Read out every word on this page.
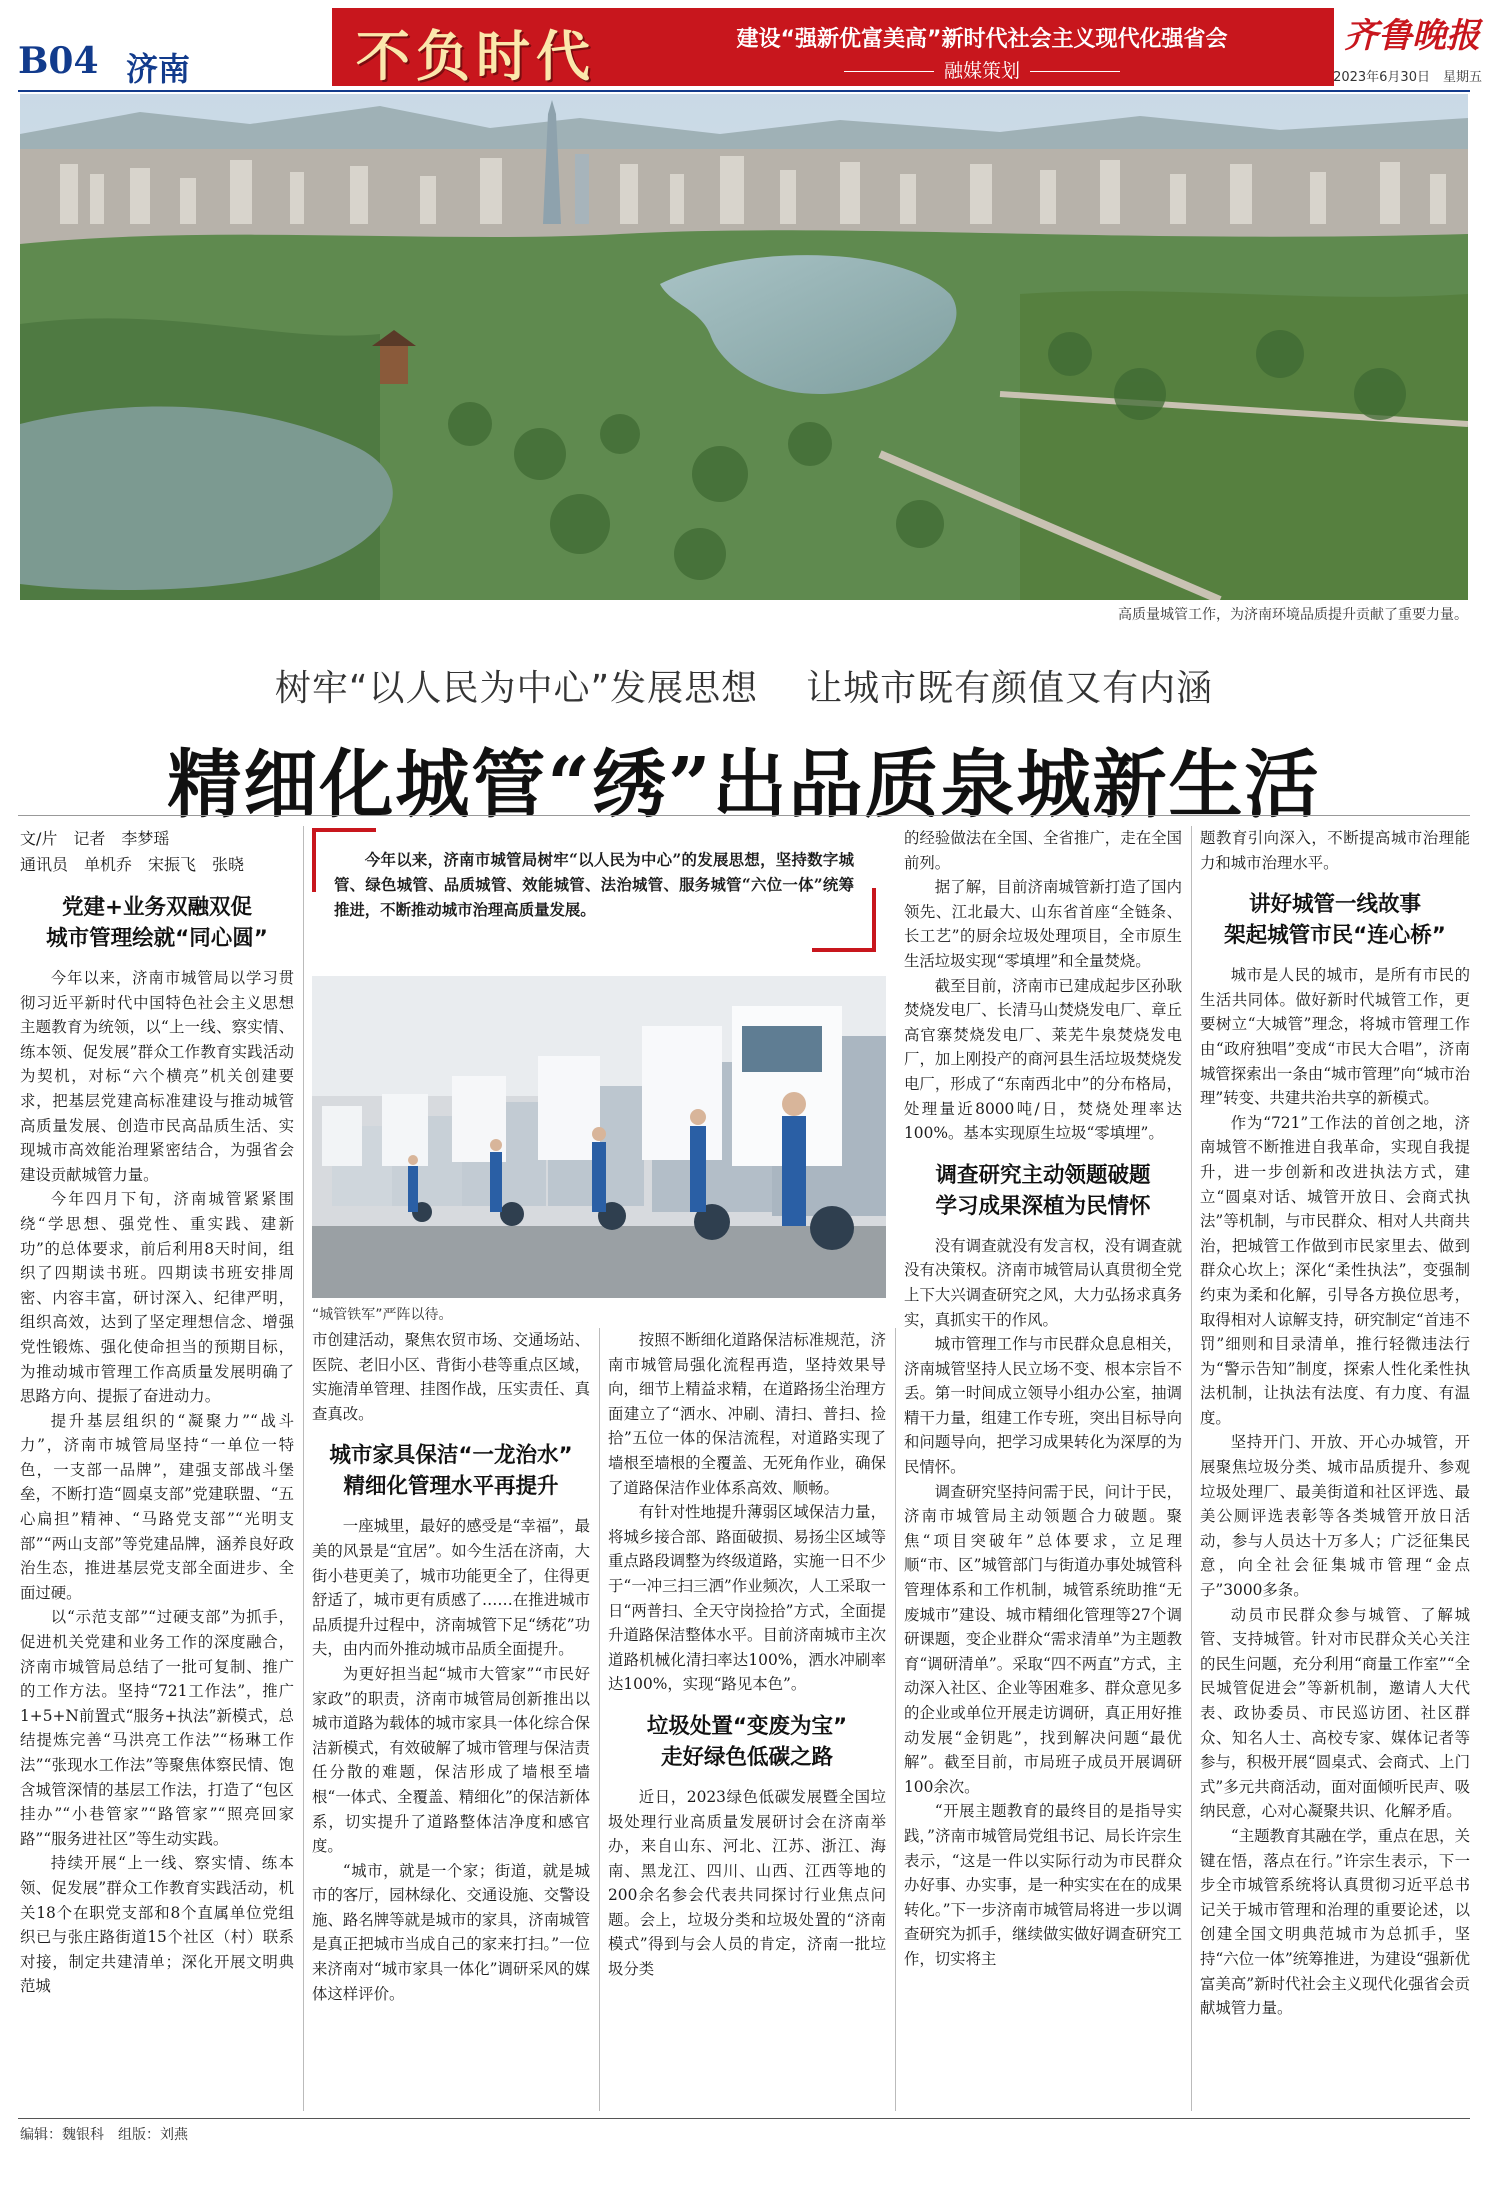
B04 济南	不负时代	建设“强新优富美高”新时代社会主义现代化强省会
融媒策划
齐鲁晚报
2023年6月30日　 星期五
高质量城管工作，为济南环境品质提升贡献了重要力量。
树牢“以人民为中心”发展思想 让城市既有颜值又有内涵
精细化城管“绣”出品质泉城新生活
文/片　记者　李梦瑶
通讯员　单机乔　宋振飞　张晓
党建+业务双融双促
城市管理绘就“同心圆”

今年以来，济南市城管局以学习贯彻习近平新时代中国特色社会主义思想主题教育为统领，以“上一线、察实情、练本领、促发展”群众工作教育实践活动为契机，对标“六个横亮”机关创建要求，把基层党建高标准建设与推动城管高质量发展、创造市民高品质生活、实现城市高效能治理紧密结合，为强省会建设贡献城管力量。

今年四月下旬，济南城管紧紧围绕“学思想、强党性、重实践、建新功”的总体要求，前后利用8天时间，组织了四期读书班。四期读书班安排周密、内容丰富，研讨深入、纪律严明，组织高效，达到了坚定理想信念、增强党性锻炼、强化使命担当的预期目标，为推动城市管理工作高质量发展明确了思路方向、提振了奋进动力。

提升基层组织的“凝聚力”“战斗力”，济南市城管局坚持“一单位一特色，一支部一品牌”，建强支部战斗堡垒，不断打造“圆桌支部”党建联盟、“五心扁担”精神、“马路党支部”“光明支部”“两山支部”等党建品牌，涵养良好政治生态，推进基层党支部全面进步、全面过硬。

以“示范支部”“过硬支部”为抓手，促进机关党建和业务工作的深度融合，济南市城管局总结了一批可复制、推广的工作方法。坚持“721工作法”，推广1+5+N前置式“服务+执法”新模式，总结提炼完善“马洪亮工作法”“杨琳工作法”“张现水工作法”等聚焦体察民情、饱含城管深情的基层工作法，打造了“包区挂办”“小巷管家”“路管家”“照亮回家路”“服务进社区”等生动实践。

持续开展“上一线、察实情、练本领、促发展”群众工作教育实践活动，机关18个在职党支部和8个直属单位党组织已与张庄路街道15个社区（村）联系对接，制定共建清单；深化开展文明典范城

今年以来，济南市城管局树牢“以人民为中心”的发展思想，坚持数字城管、绿色城管、品质城管、效能城管、法治城管、服务城管“六位一体”统筹推进，不断推动城市治理高质量发展。

“城管铁军”严阵以待。

市创建活动，聚焦农贸市场、交通场站、医院、老旧小区、背街小巷等重点区域，实施清单管理、挂图作战，压实责任、真查真改。

城市家具保洁“一龙治水”
精细化管理水平再提升

一座城里，最好的感受是“幸福”，最美的风景是“宜居”。如今生活在济南，大街小巷更美了，城市功能更全了，住得更舒适了，城市更有质感了……在推进城市品质提升过程中，济南城管下足“绣花”功夫，由内而外推动城市品质全面提升。

为更好担当起“城市大管家”“市民好家政”的职责，济南市城管局创新推出以城市道路为载体的城市家具一体化综合保洁新模式，有效破解了城市管理与保洁责任分散的难题，保洁形成了墙根至墙根“一体式、全覆盖、精细化”的保洁新体系，切实提升了道路整体洁净度和感官度。

“城市，就是一个家；街道，就是城市的客厅，园林绿化、交通设施、交警设施、路名牌等就是城市的家具，济南城管是真正把城市当成自己的家来打扫。”一位来济南对“城市家具一体化”调研采风的媒体这样评价。

按照不断细化道路保洁标准规范，济南市城管局强化流程再造，坚持效果导向，细节上精益求精，在道路扬尘治理方面建立了“洒水、冲刷、清扫、普扫、捡拾”五位一体的保洁流程，对道路实现了墙根至墙根的全覆盖、无死角作业，确保了道路保洁作业体系高效、顺畅。

有针对性地提升薄弱区域保洁力量，将城乡接合部、路面破损、易扬尘区域等重点路段调整为终级道路，实施一日不少于“一冲三扫三洒”作业频次，人工采取一日“两普扫、全天守岗捡拾”方式，全面提升道路保洁整体水平。目前济南城市主次道路机械化清扫率达100%，洒水冲刷率达100%，实现“路见本色”。

垃圾处置“变废为宝”
走好绿色低碳之路

近日，2023绿色低碳发展暨全国垃圾处理行业高质量发展研讨会在济南举办，来自山东、河北、江苏、浙江、海南、黑龙江、四川、山西、江西等地的200余名参会代表共同探讨行业焦点问题。会上，垃圾分类和垃圾处置的“济南模式”得到与会人员的肯定，济南一批垃圾分类

的经验做法在全国、全省推广，走在全国前列。

据了解，目前济南城管新打造了国内领先、江北最大、山东省首座“全链条、长工艺”的厨余垃圾处理项目，全市原生生活垃圾实现“零填埋”和全量焚烧。

截至目前，济南市已建成起步区孙耿焚烧发电厂、长清马山焚烧发电厂、章丘高官寨焚烧发电厂、莱芜牛泉焚烧发电厂，加上刚投产的商河县生活垃圾焚烧发电厂，形成了“东南西北中”的分布格局，处理量近8000吨/日，焚烧处理率达100%。基本实现原生垃圾“零填埋”。

调查研究主动领题破题
学习成果深植为民情怀

没有调查就没有发言权，没有调查就没有决策权。济南市城管局认真贯彻全党上下大兴调查研究之风，大力弘扬求真务实，真抓实干的作风。

城市管理工作与市民群众息息相关，济南城管坚持人民立场不变、根本宗旨不丢。第一时间成立领导小组办公室，抽调精干力量，组建工作专班，突出目标导向和问题导向，把学习成果转化为深厚的为民情怀。

调查研究坚持问需于民，问计于民，济南市城管局主动领题合力破题。聚焦“项目突破年”总体要求，立足理顺“市、区”城管部门与街道办事处城管科管理体系和工作机制，城管系统助推“无废城市”建设、城市精细化管理等27个调研课题，变企业群众“需求清单”为主题教育“调研清单”。采取“四不两直”方式，主动深入社区、企业等困难多、群众意见多的企业或单位开展走访调研，真正用好推动发展“金钥匙”，找到解决问题“最优解”。截至目前，市局班子成员开展调研100余次。

“开展主题教育的最终目的是指导实践，”济南市城管局党组书记、局长许宗生表示，“这是一件以实际行动为市民群众办好事、办实事，是一种实实在在的成果转化。”下一步济南市城管局将进一步以调查研究为抓手，继续做实做好调查研究工作，切实将主

题教育引向深入，不断提高城市治理能力和城市治理水平。

讲好城管一线故事
架起城管市民“连心桥”

城市是人民的城市，是所有市民的生活共同体。做好新时代城管工作，更要树立“大城管”理念，将城市管理工作由“政府独唱”变成“市民大合唱”，济南城管探索出一条由“城市管理”向“城市治理”转变、共建共治共享的新模式。

作为“721”工作法的首创之地，济南城管不断推进自我革命，实现自我提升，进一步创新和改进执法方式，建立“圆桌对话、城管开放日、会商式执法”等机制，与市民群众、相对人共商共治，把城管工作做到市民家里去、做到群众心坎上；深化“柔性执法”，变强制约束为柔和化解，引导各方换位思考，取得相对人谅解支持，研究制定“首违不罚”细则和目录清单，推行轻微违法行为“警示告知”制度，探索人性化柔性执法机制，让执法有法度、有力度、有温度。

坚持开门、开放、开心办城管，开展聚焦垃圾分类、城市品质提升、参观垃圾处理厂、最美街道和社区评选、最美公厕评选表彰等各类城管开放日活动，参与人员达十万多人；广泛征集民意，向全社会征集城市管理“金点子”3000多条。

动员市民群众参与城管、了解城管、支持城管。针对市民群众关心关注的民生问题，充分利用“商量工作室”“全民城管促进会”等新机制，邀请人大代表、政协委员、市民巡访团、社区群众、知名人士、高校专家、媒体记者等参与，积极开展“圆桌式、会商式、上门式”多元共商活动，面对面倾听民声、吸纳民意，心对心凝聚共识、化解矛盾。

“主题教育其融在学，重点在思，关键在悟，落点在行。”许宗生表示，下一步全市城管系统将认真贯彻习近平总书记关于城市管理和治理的重要论述，以创建全国文明典范城市为总抓手，坚持“六位一体”统筹推进，为建设“强新优富美高”新时代社会主义现代化强省会贡献城管力量。

编辑：魏银科　组版：刘燕
